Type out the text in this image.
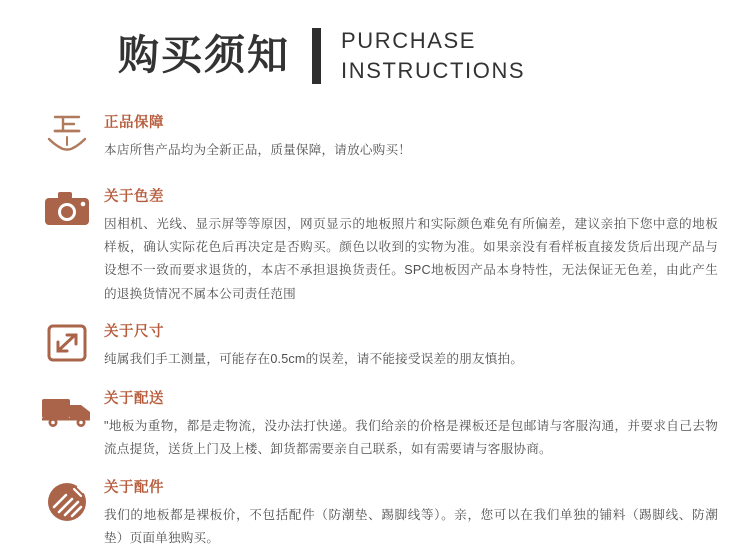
购买须知 PURCHASE
INSTRUCTIONS

正品保障

本店所售产品均为全新正品，质量保障，请放心购买！

关于色差

因相机、光线、显示屏等等原因，网页显示的地板照片和实际颜色难免有所偏差，建议亲拍下您中意的地板样板，确认实际花色后再决定是否购买。颜色以收到的实物为准。如果亲没有看样板直接发货后出现产品与设想不一致而要求退货的，本店不承担退换货责任。SPC地板因产品本身特性，无法保证无色差，由此产生的退换货情况不属本公司责任范围

关于尺寸

纯属我们手工测量，可能存在0.5cm的误差，请不能接受误差的朋友慎拍。

关于配送

"地板为重物，都是走物流，没办法打快递。我们给亲的价格是裸板还是包邮请与客服沟通，并要求自己去物流点提货，送货上门及上楼、卸货都需要亲自己联系，如有需要请与客服协商。

关于配件

我们的地板都是裸板价，不包括配件（防潮垫、踢脚线等）。亲，您可以在我们单独的铺料（踢脚线、防潮垫）页面单独购买。
